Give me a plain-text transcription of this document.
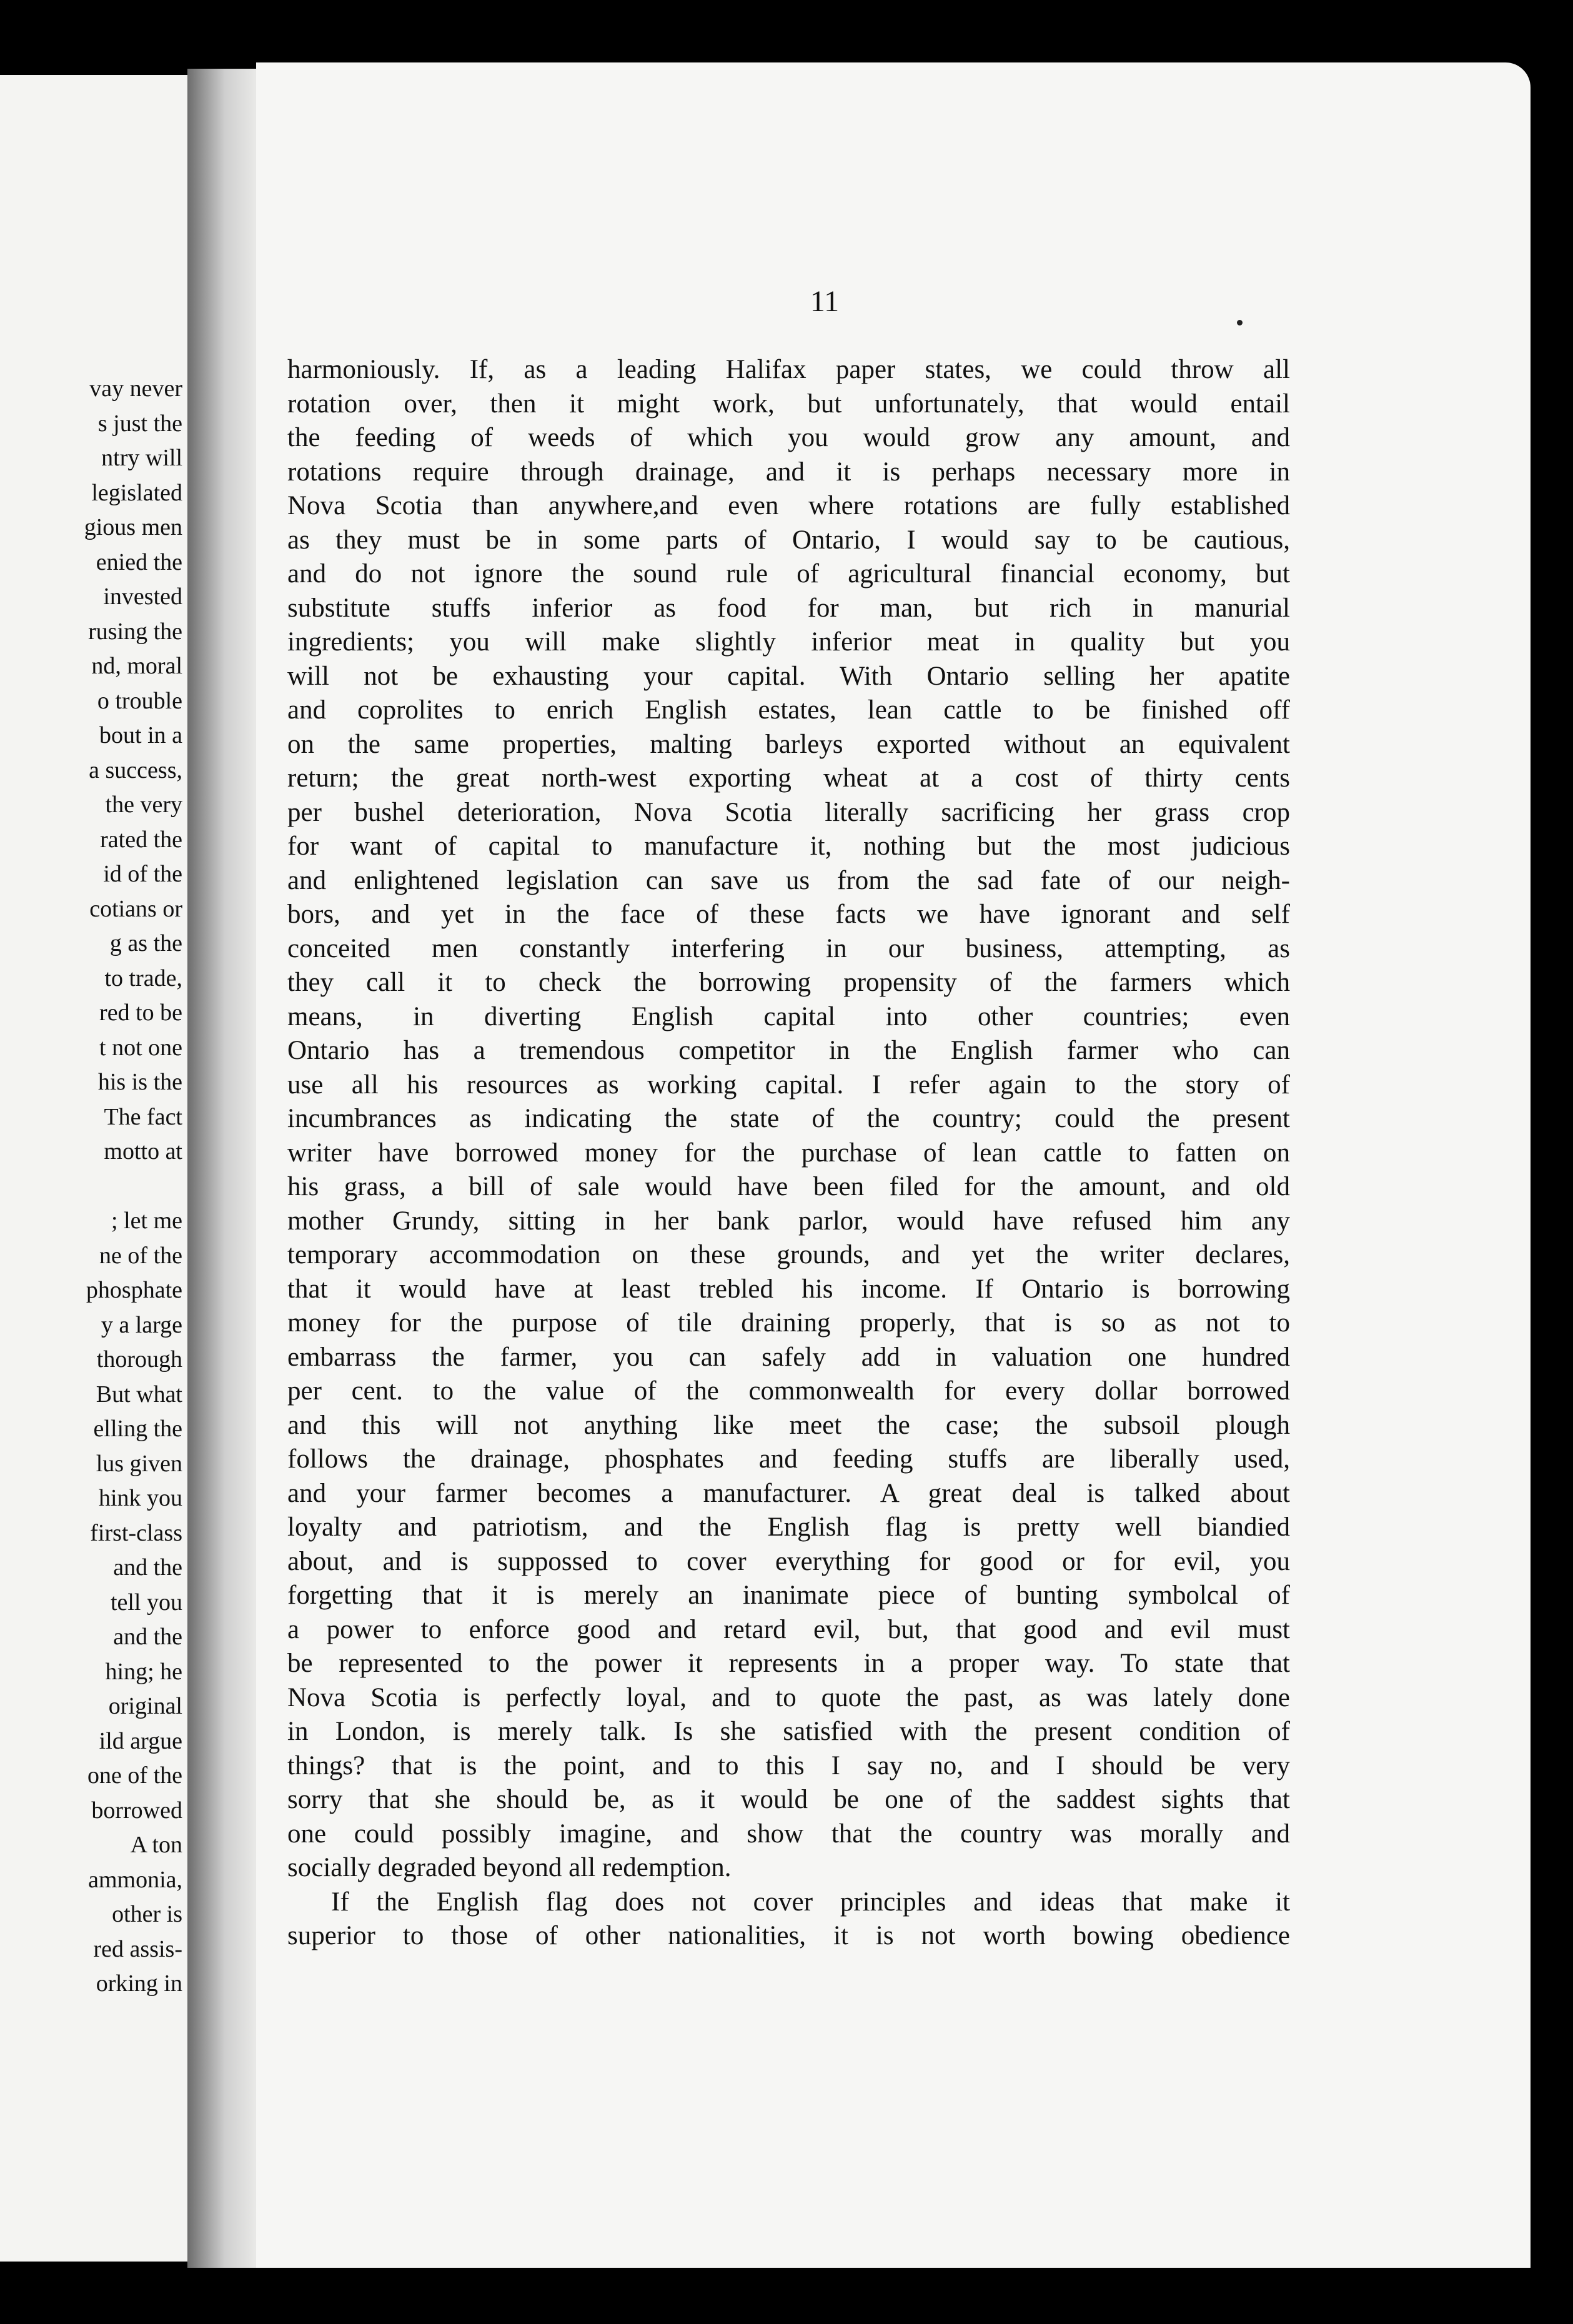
vay never
s just the
ntry will
legislated
gious men
enied the
invested
rusing the
nd, moral
o trouble
bout in a
a success,
the very
rated the
id of the
cotians or
g as the
to trade,
red to be
t not one
his is the
The fact
motto at
; let me
ne of the
phosphate
y a large
thorough
But what
elling the
lus given
hink you
first-class
and the
tell you
and the
hing; he
original
ild argue
one of the
borrowed
A ton
ammonia,
other is
red assis-
orking in
11
harmoniously. If, as a leading Halifax paper states, we could throw all
rotation over, then it might work, but unfortunately, that would entail
the feeding of weeds of which you would grow any amount, and
rotations require through drainage, and it is perhaps necessary more in
Nova Scotia than anywhere,and even where rotations are fully established
as they must be in some parts of Ontario, I would say to be cautious,
and do not ignore the sound rule of agricultural financial economy, but
substitute stuffs inferior as food for man, but rich in manurial
ingredients; you will make slightly inferior meat in quality but you
will not be exhausting your capital. With Ontario selling her apatite
and coprolites to enrich English estates, lean cattle to be finished off
on the same properties, malting barleys exported without an equivalent
return; the great north-west exporting wheat at a cost of thirty cents
per bushel deterioration, Nova Scotia literally sacrificing her grass crop
for want of capital to manufacture it, nothing but the most judicious
and enlightened legislation can save us from the sad fate of our neigh-
bors, and yet in the face of these facts we have ignorant and self
conceited men constantly interfering in our business, attempting, as
they call it to check the borrowing propensity of the farmers which
means, in diverting English capital into other countries; even
Ontario has a tremendous competitor in the English farmer who can
use all his resources as working capital. I refer again to the story of
incumbrances as indicating the state of the country; could the present
writer have borrowed money for the purchase of lean cattle to fatten on
his grass, a bill of sale would have been filed for the amount, and old
mother Grundy, sitting in her bank parlor, would have refused him any
temporary accommodation on these grounds, and yet the writer declares,
that it would have at least trebled his income. If Ontario is borrowing
money for the purpose of tile draining properly, that is so as not to
embarrass the farmer, you can safely add in valuation one hundred
per cent. to the value of the commonwealth for every dollar borrowed
and this will not anything like meet the case; the subsoil plough
follows the drainage, phosphates and feeding stuffs are liberally used,
and your farmer becomes a manufacturer. A great deal is talked about
loyalty and patriotism, and the English flag is pretty well biandied
about, and is suppossed to cover everything for good or for evil, you
forgetting that it is merely an inanimate piece of bunting symbolcal of
a power to enforce good and retard evil, but, that good and evil must
be represented to the power it represents in a proper way. To state that
Nova Scotia is perfectly loyal, and to quote the past, as was lately done
in London, is merely talk. Is she satisfied with the present condition of
things? that is the point, and to this I say no, and I should be very
sorry that she should be, as it would be one of the saddest sights that
one could possibly imagine, and show that the country was morally and
socially degraded beyond all redemption.
If the English flag does not cover principles and ideas that make it
superior to those of other nationalities, it is not worth bowing obedience
